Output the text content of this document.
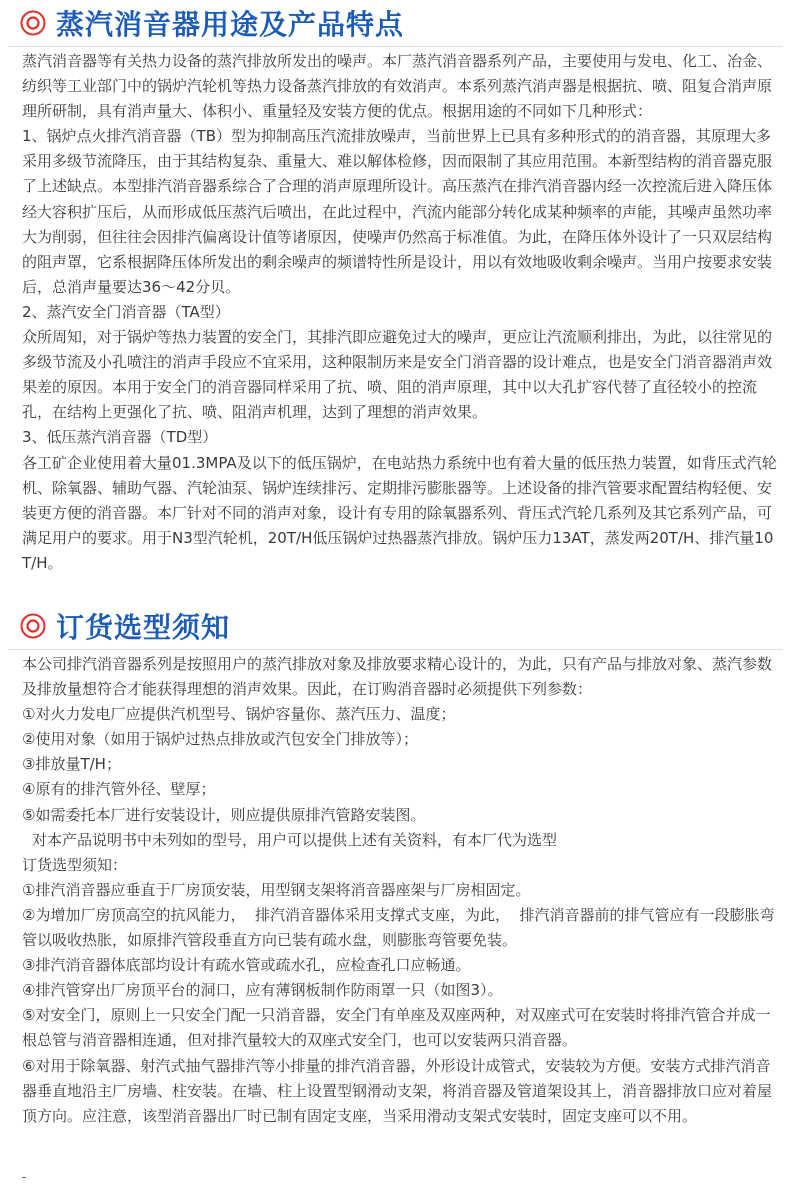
蒸汽消音器用途及产品特点

蒸汽消音器等有关热力设备的蒸汽排放所发出的噪声。本厂蒸汽消音器系列产品，主要使用与发电、化工、冶金、纺织等工业部门中的锅炉汽轮机等热力设备蒸汽排放的有效消声。本系列蒸汽消声器是根据抗、喷、阻复合消声原理所研制，具有消声量大、体积小、重量轻及安装方便的优点。根据用途的不同如下几种形式：

1、锅炉点火排汽消音器（TB）型为抑制高压汽流排放噪声，当前世界上已具有多种形式的的消音器，其原理大多采用多级节流降压，由于其结构复杂、重量大、难以解体检修，因而限制了其应用范围。本新型结构的消音器克服了上述缺点。本型排汽消音器系综合了合理的消声原理所设计。高压蒸汽在排汽消音器内经一次控流后进入降压体经大容积扩压后，从而形成低压蒸汽后喷出，在此过程中，汽流内能部分转化成某种频率的声能，其噪声虽然功率大为削弱，但往往会因排汽偏离设计值等诸原因，使噪声仍然高于标准值。为此，在降压体外设计了一只双层结构的阻声罩，它系根据降压体所发出的剩余噪声的频谱特性所是设计，用以有效地吸收剩余噪声。当用户按要求安装后，总消声量要达36～42分贝。

2、蒸汽安全门消音器（TA型）

众所周知，对于锅炉等热力装置的安全门，其排汽即应避免过大的噪声，更应让汽流顺利排出，为此，以往常见的多级节流及小孔喷注的消声手段应不宜采用，这种限制历来是安全门消音器的设计难点，也是安全门消音器消声效果差的原因。本用于安全门的消音器同样采用了抗、喷、阻的消声原理，其中以大孔扩容代替了直径较小的控流孔，在结构上更强化了抗、喷、阻消声机理，达到了理想的消声效果。

3、低压蒸汽消音器（TD型）

各工矿企业使用着大量01.3MPA及以下的低压锅炉，在电站热力系统中也有着大量的低压热力装置，如背压式汽轮机、除氧器、辅助气器、汽轮油泵、锅炉连续排污、定期排污膨胀器等。上述设备的排汽管要求配置结构轻便、安装更方便的消音器。本厂针对不同的消声对象，设计有专用的除氧器系列、背压式汽轮几系列及其它系列产品，可满足用户的要求。用于N3型汽轮机，20T/H低压锅炉过热器蒸汽排放。锅炉压力13AT，蒸发两20T/H、排汽量10T/H。

订货选型须知

本公司排汽消音器系列是按照用户的蒸汽排放对象及排放要求精心设计的，为此，只有产品与排放对象、蒸汽参数及排放量想符合才能获得理想的消声效果。因此，在订购消音器时必须提供下列参数：

①对火力发电厂应提供汽机型号、锅炉容量你、蒸汽压力、温度；

②使用对象（如用于锅炉过热点排放或汽包安全门排放等）；

③排放量T/H；

④原有的排汽管外径、壁厚；

⑤如需委托本厂进行安装设计，则应提供原排汽管路安装图。

对本产品说明书中未列如的型号，用户可以提供上述有关资料，有本厂代为选型

订货选型须知：

①排汽消音器应垂直于厂房顶安装，用型钢支架将消音器座架与厂房相固定。

②为增加厂房顶高空的抗风能力，  排汽消音器体采用支撑式支座，为此，  排汽消音器前的排气管应有一段膨胀弯管以吸收热胀，如原排汽管段垂直方向已装有疏水盘，则膨胀弯管要免装。

③排汽消音器体底部均设计有疏水管或疏水孔，应检查孔口应畅通。

④排汽管穿出厂房顶平台的洞口，应有薄钢板制作防雨罩一只（如图3）。

⑤对安全门，原则上一只安全门配一只消音器，安全门有单座及双座两种，对双座式可在安装时将排汽管合并成一根总管与消音器相连通，但对排汽量较大的双座式安全门，也可以安装两只消音器。

⑥对用于除氧器、射汽式抽气器排汽等小排量的排汽消音器，外形设计成管式，安装较为方便。安装方式排汽消音器垂直地沿主厂房墙、柱安装。在墙、柱上设置型钢滑动支架，将消音器及管道架设其上，消音器排放口应对着屋顶方向。应注意，该型消音器出厂时已制有固定支座，当采用滑动支架式安装时，固定支座可以不用。
